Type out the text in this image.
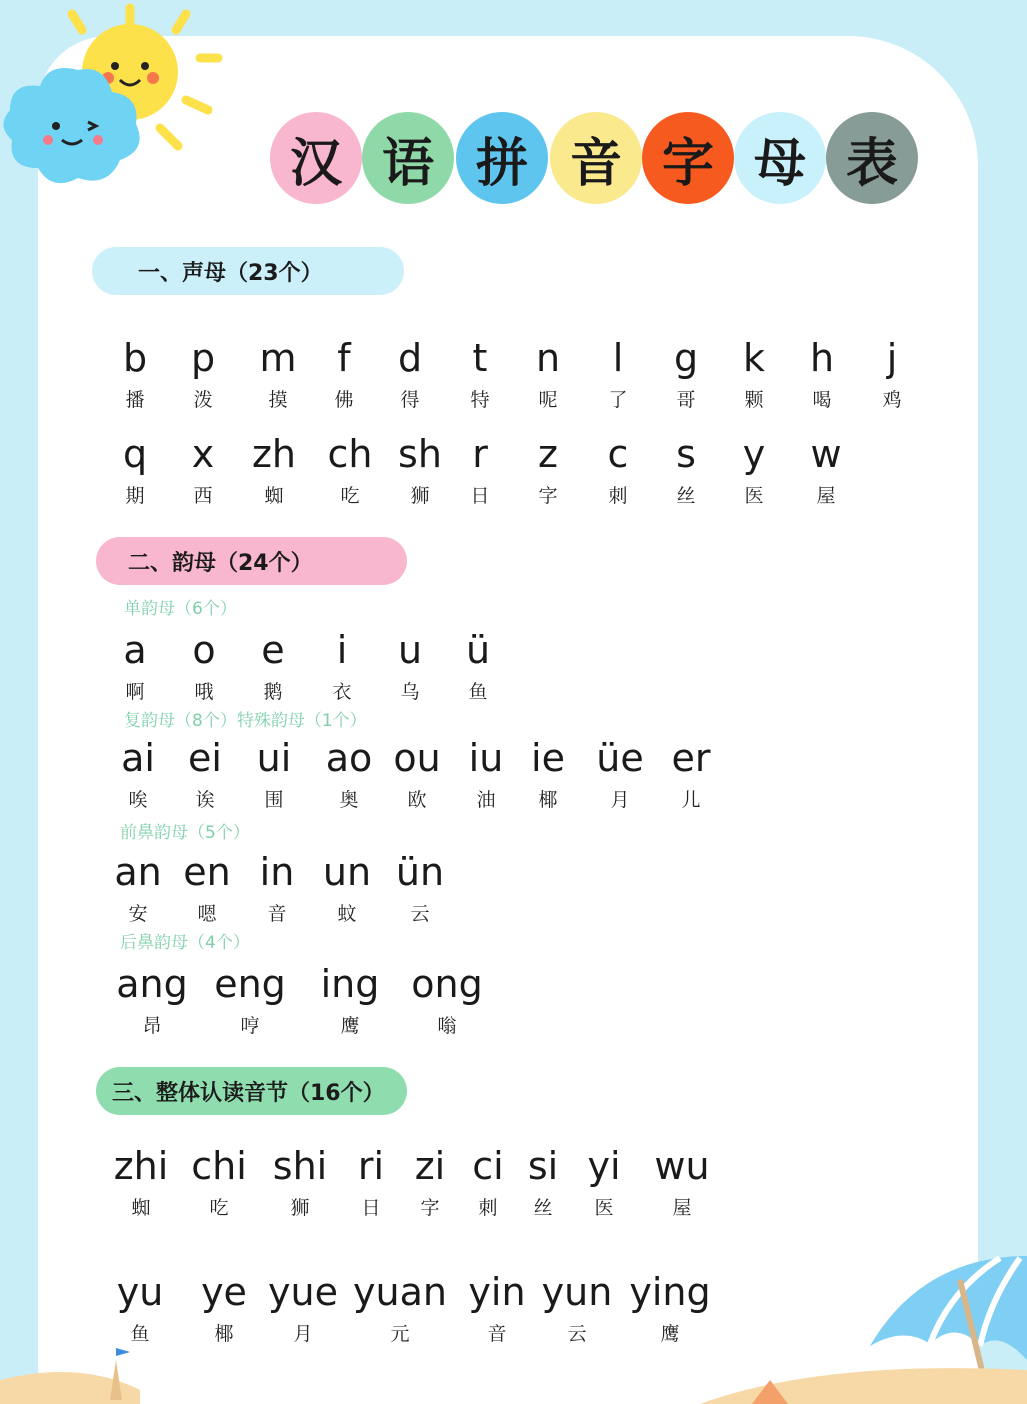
汉 语 拼 音 字 母 表
一、声母（23个）
b
播
p
泼
m
摸
f
佛
d
得
t
特
n
呢
l
了
g
哥
k
颗
h
喝
j
鸡
q
期
x
西
zh
蜘
ch
吃
sh
狮
r
日
z
字
c
刺
s
丝
y
医
w
屋
二、韵母（24个）
单韵母（6个）
a
啊
o
哦
e
鹅
i
衣
u
乌
ü
鱼
复韵母（8个）特殊韵母（1个）
ai
唉
ei
诶
ui
围
ao
奥
ou
欧
iu
油
ie
椰
üe
月
er
儿
前鼻韵母（5个）
an
安
en
嗯
in
音
un
蚊
ün
云
后鼻韵母（4个）
ang
昂
eng
哼
ing
鹰
ong
嗡
三、整体认读音节（16个）
zhi
蜘
chi
吃
shi
狮
ri
日
zi
字
ci
刺
si
丝
yi
医
wu
屋
yu
鱼
ye
椰
yue
月
yuan
元
yin
音
yun
云
ying
鹰
